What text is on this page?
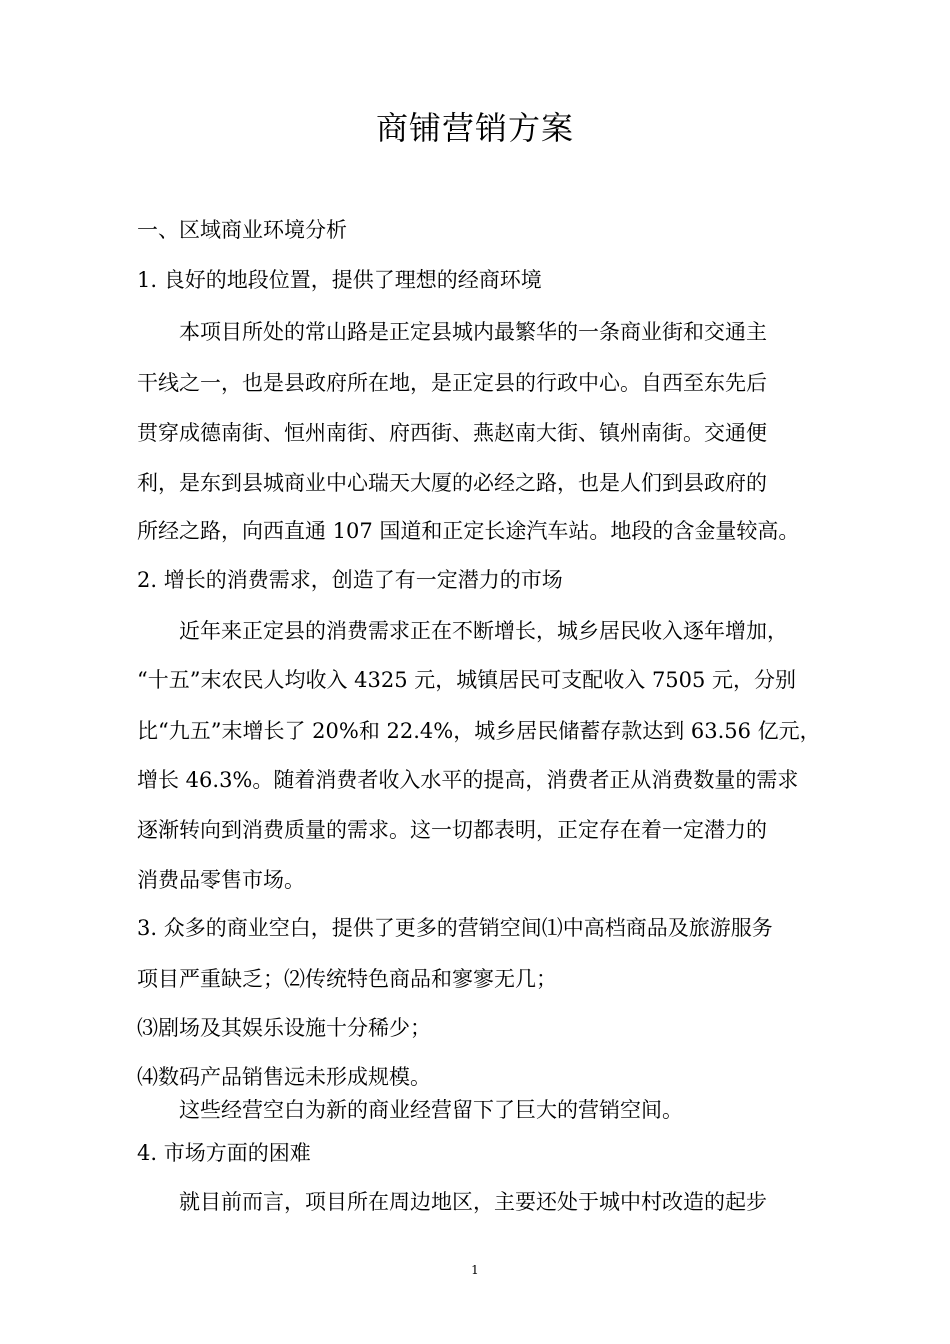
商铺营销方案
一、区域商业环境分析
1. 良好的地段位置，提供了理想的经商环境
本项目所处的常山路是正定县城内最繁华的一条商业街和交通主
干线之一，也是县政府所在地，是正定县的行政中心。自西至东先后
贯穿成德南街、恒州南街、府西街、燕赵南大街、镇州南街。交通便
利，是东到县城商业中心瑞天大厦的必经之路，也是人们到县政府的
所经之路，向西直通 107 国道和正定长途汽车站。地段的含金量较高。
2. 增长的消费需求，创造了有一定潜力的市场
近年来正定县的消费需求正在不断增长，城乡居民收入逐年增加，
“十五”末农民人均收入 4325 元，城镇居民可支配收入 7505 元，分别
比“九五”末增长了 20%和 22.4%，城乡居民储蓄存款达到 63.56 亿元，
增长 46.3%。随着消费者收入水平的提高，消费者正从消费数量的需求
逐渐转向到消费质量的需求。这一切都表明，正定存在着一定潜力的
消费品零售市场。
3. 众多的商业空白，提供了更多的营销空间⑴中高档商品及旅游服务
项目严重缺乏；⑵传统特色商品和寥寥无几；
⑶剧场及其娱乐设施十分稀少；
⑷数码产品销售远未形成规模。
这些经营空白为新的商业经营留下了巨大的营销空间。
4. 市场方面的困难
就目前而言，项目所在周边地区，主要还处于城中村改造的起步
1
